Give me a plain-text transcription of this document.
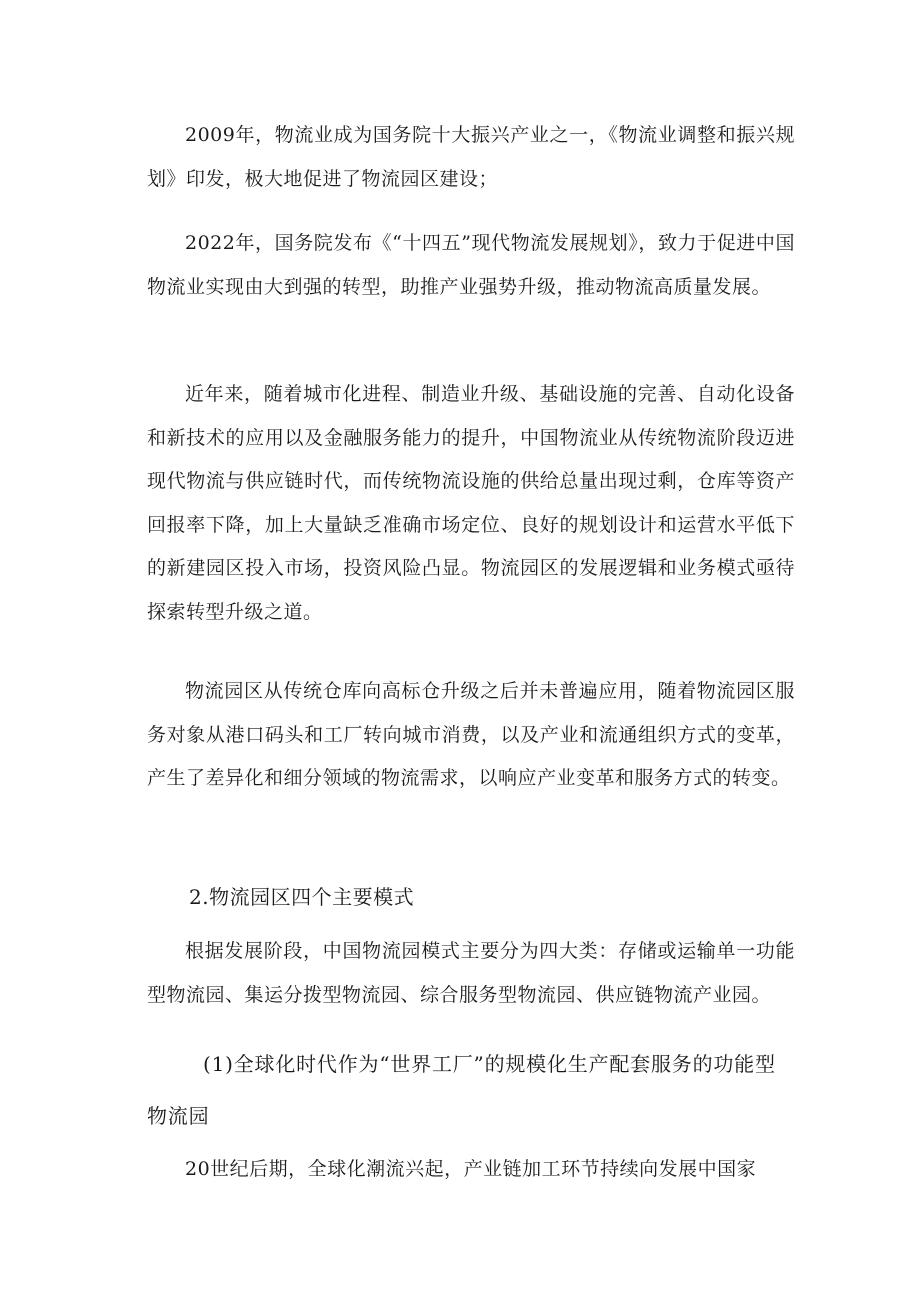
2009年，物流业成为国务院十大振兴产业之一，《物流业调整和振兴规划》印发，极大地促进了物流园区建设；

2022年，国务院发布《“十四五”现代物流发展规划》，致力于促进中国物流业实现由大到强的转型，助推产业强势升级，推动物流高质量发展。

近年来，随着城市化进程、制造业升级、基础设施的完善、自动化设备和新技术的应用以及金融服务能力的提升，中国物流业从传统物流阶段迈进现代物流与供应链时代，而传统物流设施的供给总量出现过剩，仓库等资产回报率下降，加上大量缺乏准确市场定位、良好的规划设计和运营水平低下的新建园区投入市场，投资风险凸显。物流园区的发展逻辑和业务模式亟待探索转型升级之道。

物流园区从传统仓库向高标仓升级之后并未普遍应用，随着物流园区服务对象从港口码头和工厂转向城市消费，以及产业和流通组织方式的变革，产生了差异化和细分领域的物流需求，以响应产业变革和服务方式的转变。

2.物流园区四个主要模式

根据发展阶段，中国物流园模式主要分为四大类：存储或运输单一功能型物流园、集运分拨型物流园、综合服务型物流园、供应链物流产业园。

(1)全球化时代作为“世界工厂”的规模化生产配套服务的功能型物流园

20世纪后期，全球化潮流兴起，产业链加工环节持续向发展中国家
